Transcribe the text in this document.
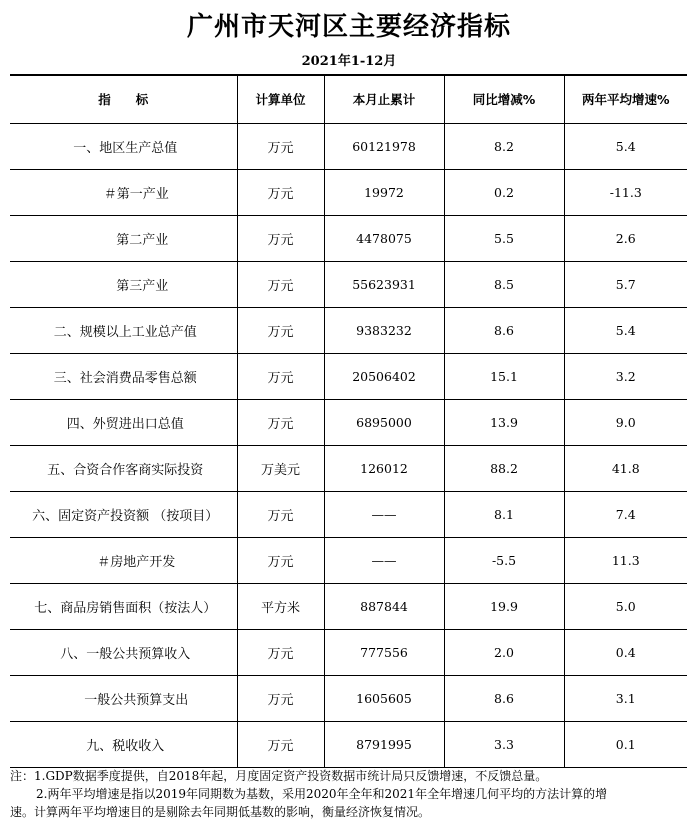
广州市天河区主要经济指标
2021年1-12月
指　　标	计算单位	本月止累计	同比增减%	两年平均增速%
一、地区生产总值	万元	60121978	8.2	5.4
＃第一产业	万元	19972	0.2	-11.3
第二产业	万元	4478075	5.5	2.6
第三产业	万元	55623931	8.5	5.7
二、规模以上工业总产值	万元	9383232	8.6	5.4
三、社会消费品零售总额	万元	20506402	15.1	3.2
四、外贸进出口总值	万元	6895000	13.9	9.0
五、合资合作客商实际投资	万美元	126012	88.2	41.8
六、固定资产投资额 （按项目）	万元	——	8.1	7.4
＃房地产开发	万元	——	-5.5	11.3
七、商品房销售面积（按法人）	平方米	887844	19.9	5.0
八、一般公共预算收入	万元	777556	2.0	0.4
一般公共预算支出	万元	1605605	8.6	3.1
九、税收收入	万元	8791995	3.3	0.1
注：1.GDP数据季度提供，自2018年起，月度固定资产投资数据市统计局只反馈增速，不反馈总量。
2.两年平均增速是指以2019年同期数为基数，采用2020年全年和2021年全年增速几何平均的方法计算的增
速。计算两年平均增速目的是剔除去年同期低基数的影响，衡量经济恢复情况。
